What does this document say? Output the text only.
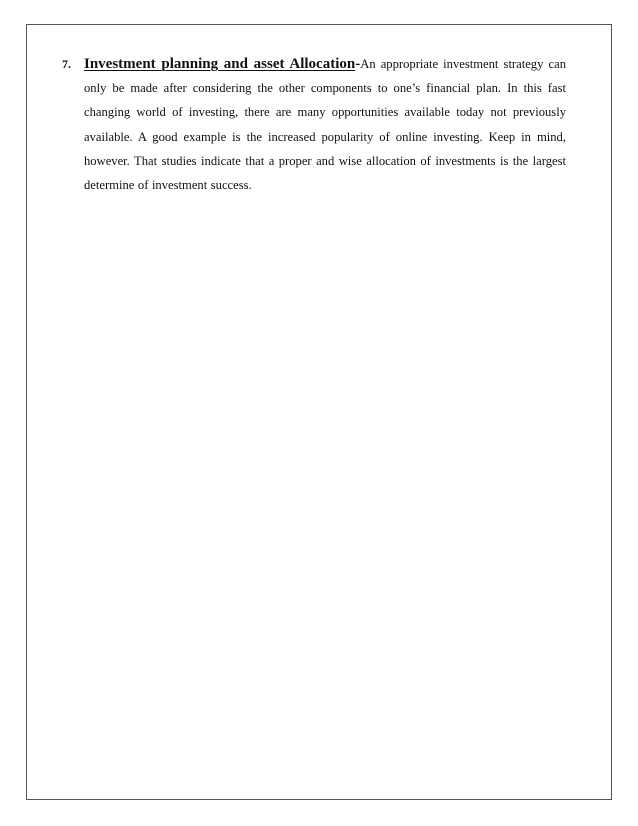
7. Investment planning and asset Allocation-An appropriate investment strategy can only be made after considering the other components to one’s financial plan. In this fast changing world of investing, there are many opportunities available today not previously available. A good example is the increased popularity of online investing. Keep in mind, however. That studies indicate that a proper and wise allocation of investments is the largest determine of investment success.
